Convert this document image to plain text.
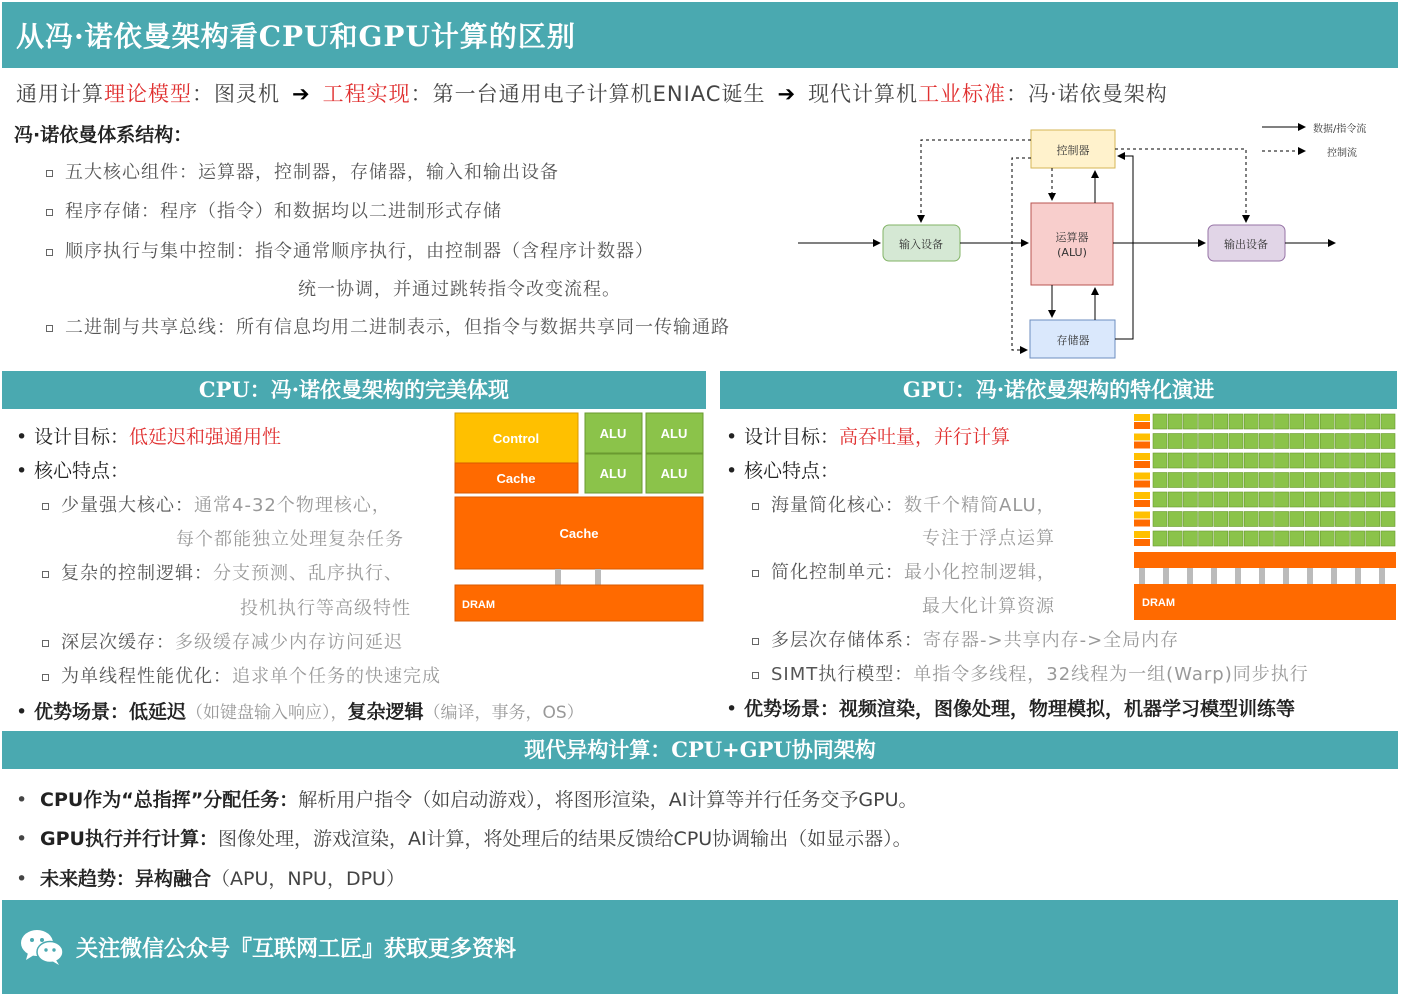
从冯·诺依曼架构看CPU和GPU计算的区别
通用计算理论模型：图灵机 ➔ 工程实现：第一台通用电子计算机ENIAC诞生 ➔ 现代计算机工业标准：冯·诺依曼架构
冯·诺依曼体系结构：
五大核心组件：运算器，控制器，存储器，输入和输出设备
程序存储：程序（指令）和数据均以二进制形式存储
顺序执行与集中控制：指令通常顺序执行，由控制器（含程序计数器）
统一协调，并通过跳转指令改变流程。
二进制与共享总线：所有信息均用二进制表示，但指令与数据共享同一传输通路
控制器
运算器
(ALU)
输入设备	输出设备
存储器
数据/指令流
控制流
CPU：冯·诺依曼架构的完美体现
• 设计目标：低延迟和强通用性
• 核心特点：
少量强大核心：通常4-32个物理核心，
每个都能独立处理复杂任务
复杂的控制逻辑：分支预测、乱序执行、
投机执行等高级特性
深层次缓存：多级缓存减少内存访问延迟
为单线程性能优化：追求单个任务的快速完成
• 优势场景：低延迟（如键盘输入响应），复杂逻辑（编译，事务，OS）
Control
Cache
ALU	ALU
ALU	ALU
Cache
DRAM
GPU：冯·诺依曼架构的特化演进
• 设计目标：高吞吐量，并行计算
• 核心特点：
海量简化核心：数千个精简ALU，
专注于浮点运算
简化控制单元：最小化控制逻辑，
最大化计算资源
多层次存储体系：寄存器->共享内存->全局内存
SIMT执行模型：单指令多线程，32线程为一组(Warp)同步执行
• 优势场景：视频渲染，图像处理，物理模拟，机器学习模型训练等
DRAM
现代异构计算：CPU+GPU协同架构
• CPU作为“总指挥”分配任务：解析用户指令（如启动游戏），将图形渲染，AI计算等并行任务交予GPU。
• GPU执行并行计算：图像处理，游戏渲染，AI计算，将处理后的结果反馈给CPU协调输出（如显示器）。
• 未来趋势：异构融合（APU，NPU，DPU）
关注微信公众号『互联网工匠』获取更多资料
